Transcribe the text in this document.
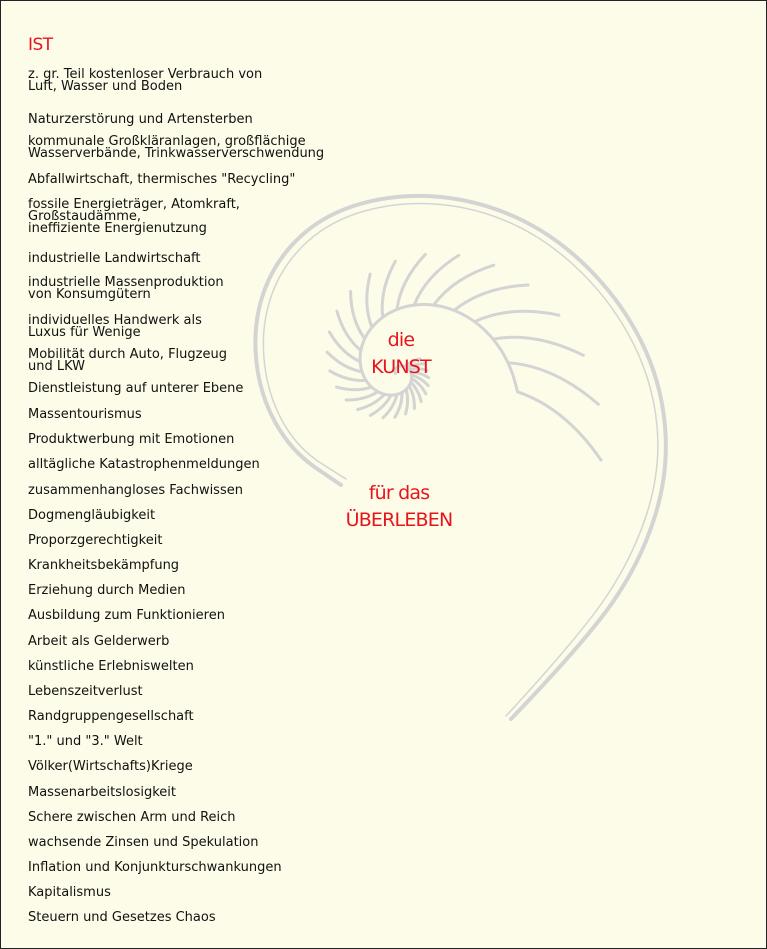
IST
z. gr. Teil kostenloser Verbrauch von
Luft, Wasser und Boden
Naturzerstörung und Artensterben
kommunale Großkläranlagen, großflächige
Wasserverbände, Trinkwasserverschwendung
Abfallwirtschaft, thermisches "Recycling"
fossile Energieträger, Atomkraft,
Großstaudämme,
ineffiziente Energienutzung
industrielle Landwirtschaft
industrielle Massenproduktion
von Konsumgütern
individuelles Handwerk als
Luxus für Wenige
Mobilität durch Auto, Flugzeug
und LKW
Dienstleistung auf unterer Ebene
Massentourismus
Produktwerbung mit Emotionen
alltägliche Katastrophenmeldungen
zusammenhangloses Fachwissen
Dogmengläubigkeit
Proporzgerechtigkeit
Krankheitsbekämpfung
Erziehung durch Medien
Ausbildung zum Funktionieren
Arbeit als Gelderwerb
künstliche Erlebniswelten
Lebenszeitverlust
Randgruppengesellschaft
"1." und "3." Welt
Völker(Wirtschafts)Kriege
Massenarbeitslosigkeit
Schere zwischen Arm und Reich
wachsende Zinsen und Spekulation
Inflation und Konjunkturschwankungen
Kapitalismus
Steuern und Gesetzes Chaos
die
KUNST
für das
ÜBERLEBEN
